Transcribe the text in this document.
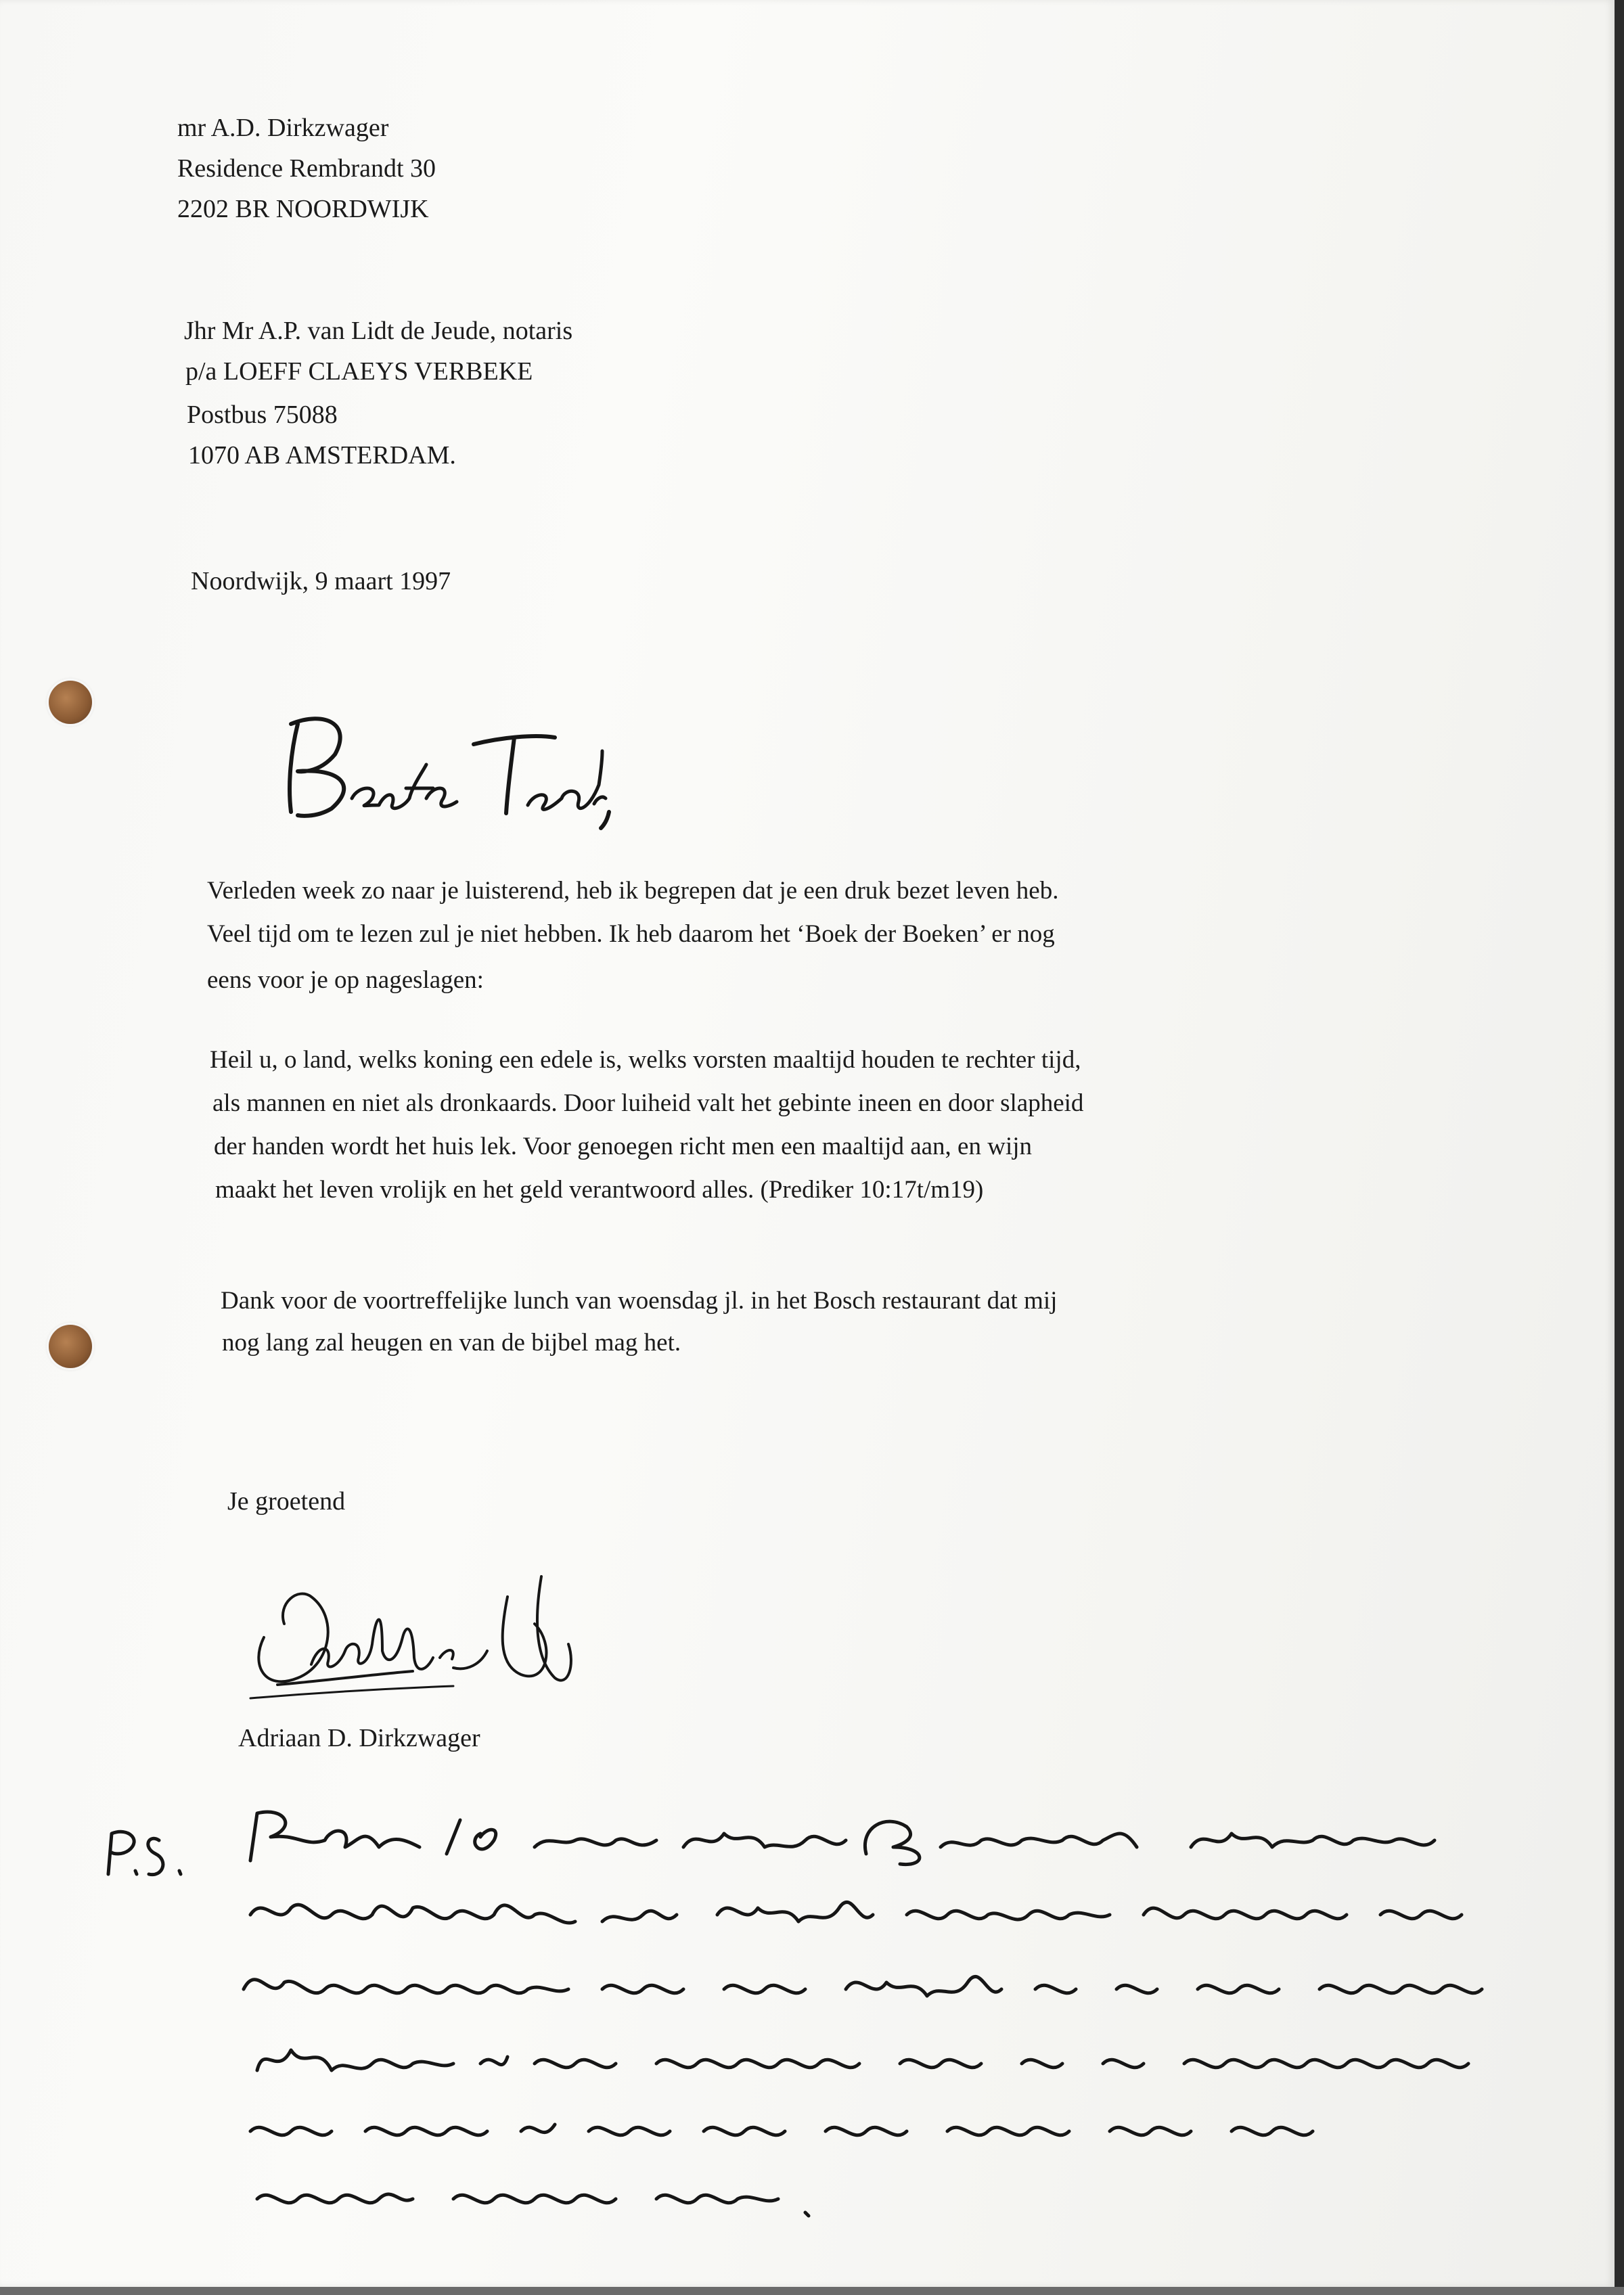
mr A.D. Dirkzwager
Residence Rembrandt 30
2202 BR NOORDWIJK
Jhr Mr A.P. van Lidt de Jeude, notaris
p/a LOEFF CLAEYS VERBEKE
Postbus 75088
1070 AB AMSTERDAM.
Noordwijk, 9 maart 1997
Verleden week zo naar je luisterend, heb ik begrepen dat je een druk bezet leven heb.
Veel tijd om te lezen zul je niet hebben. Ik heb daarom het ‘Boek der Boeken’ er nog
eens voor je op nageslagen:
Heil u, o land, welks koning een edele is, welks vorsten maaltijd houden te rechter tijd,
als mannen en niet als dronkaards. Door luiheid valt het gebinte ineen en door slapheid
der handen wordt het huis lek. Voor genoegen richt men een maaltijd aan, en wijn
maakt het leven vrolijk en het geld verantwoord alles. (Prediker 10:17t/m19)
Dank voor de voortreffelijke lunch van woensdag jl. in het Bosch restaurant dat mij
nog lang zal heugen en van de bijbel mag het.
Je groetend
Adriaan D. Dirkzwager
